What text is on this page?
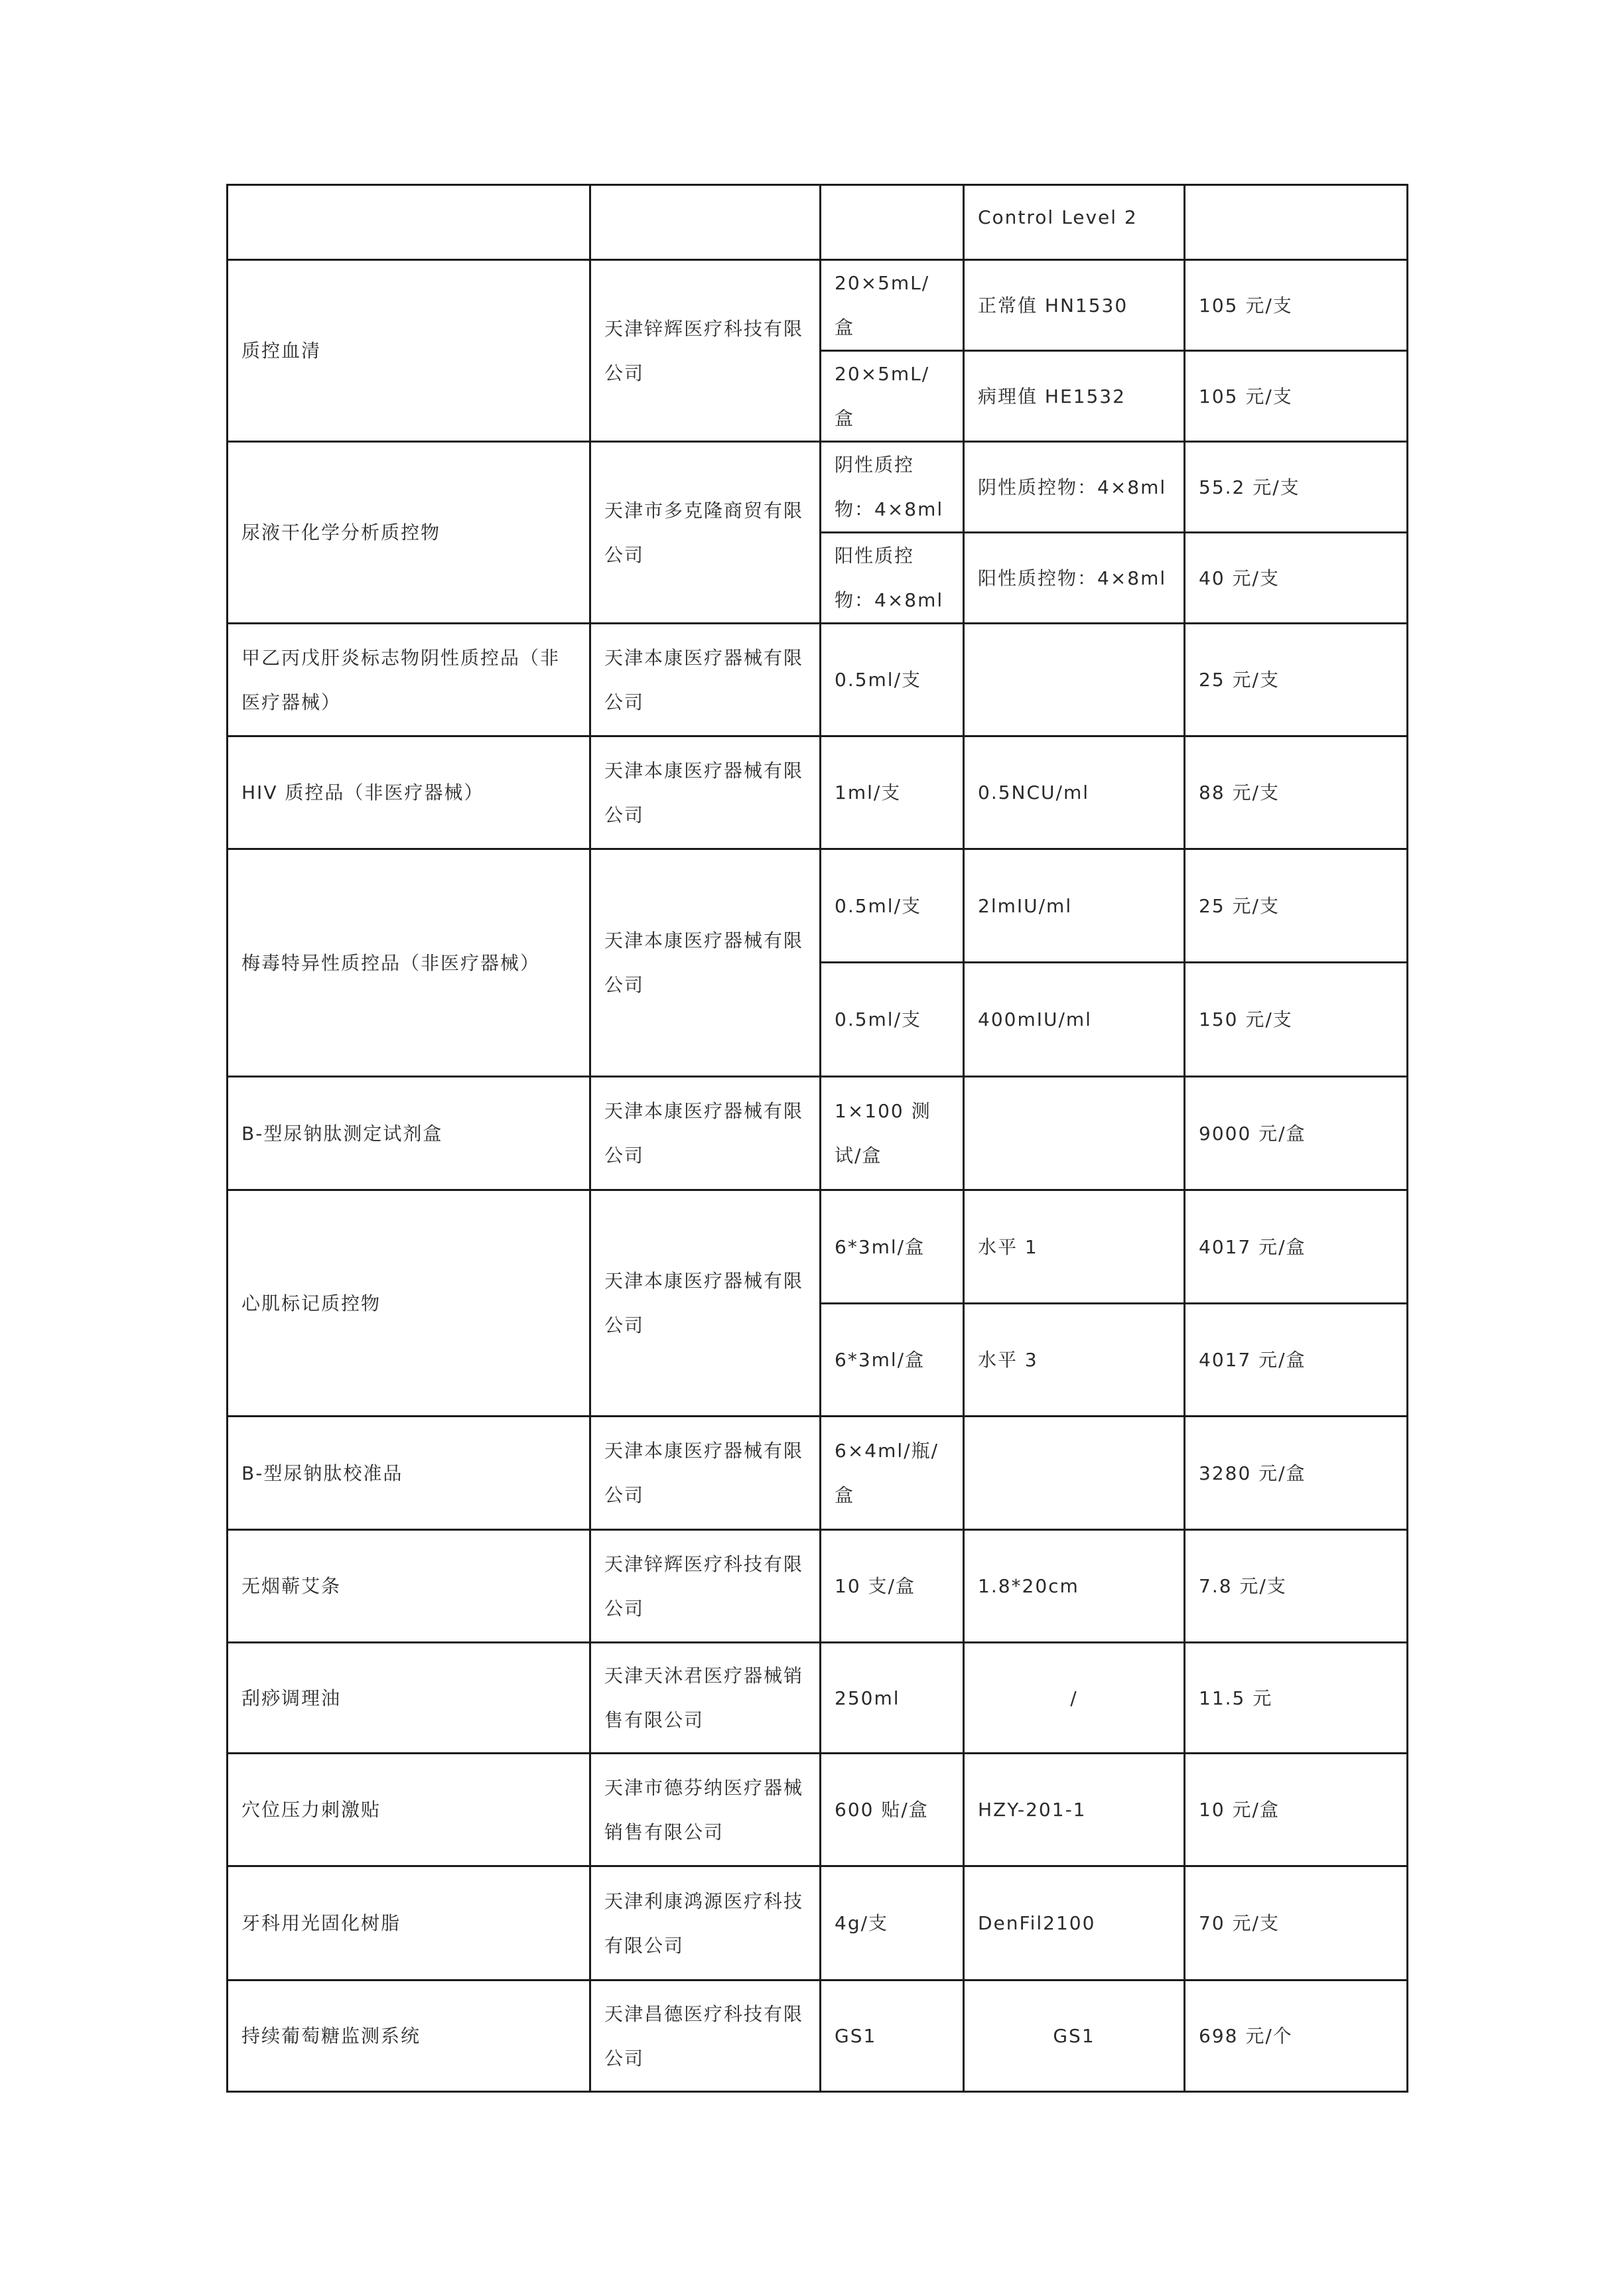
			Control Level 2	
质控血清	天津锌辉医疗科技有限公司	20×5mL/盒	正常值 HN1530	105 元/支
		20×5mL/盒	病理值 HE1532	105 元/支
尿液干化学分析质控物	天津市多克隆商贸有限公司	阴性质控物：4×8ml	阴性质控物：4×8ml	55.2 元/支
		阳性质控物：4×8ml	阳性质控物：4×8ml	40 元/支
甲乙丙戊肝炎标志物阴性质控品（非医疗器械）	天津本康医疗器械有限公司	0.5ml/支		25 元/支
HIV 质控品（非医疗器械）	天津本康医疗器械有限公司	1ml/支	0.5NCU/ml	88 元/支
梅毒特异性质控品（非医疗器械）	天津本康医疗器械有限公司	0.5ml/支	2lmIU/ml	25 元/支
		0.5ml/支	400mIU/ml	150 元/支
B-型尿钠肽测定试剂盒	天津本康医疗器械有限公司	1×100 测试/盒		9000 元/盒
心肌标记质控物	天津本康医疗器械有限公司	6*3ml/盒	水平 1	4017 元/盒
		6*3ml/盒	水平 3	4017 元/盒
B-型尿钠肽校准品	天津本康医疗器械有限公司	6×4ml/瓶/盒		3280 元/盒
无烟蕲艾条	天津锌辉医疗科技有限公司	10 支/盒	1.8*20cm	7.8 元/支
刮痧调理油	天津天沐君医疗器械销售有限公司	250ml	/	11.5 元
穴位压力刺激贴	天津市德芬纳医疗器械销售有限公司	600 贴/盒	HZY-201-1	10 元/盒
牙科用光固化树脂	天津利康鸿源医疗科技有限公司	4g/支	DenFil2100	70 元/支
持续葡萄糖监测系统	天津昌德医疗科技有限公司	GS1	GS1	698 元/个
